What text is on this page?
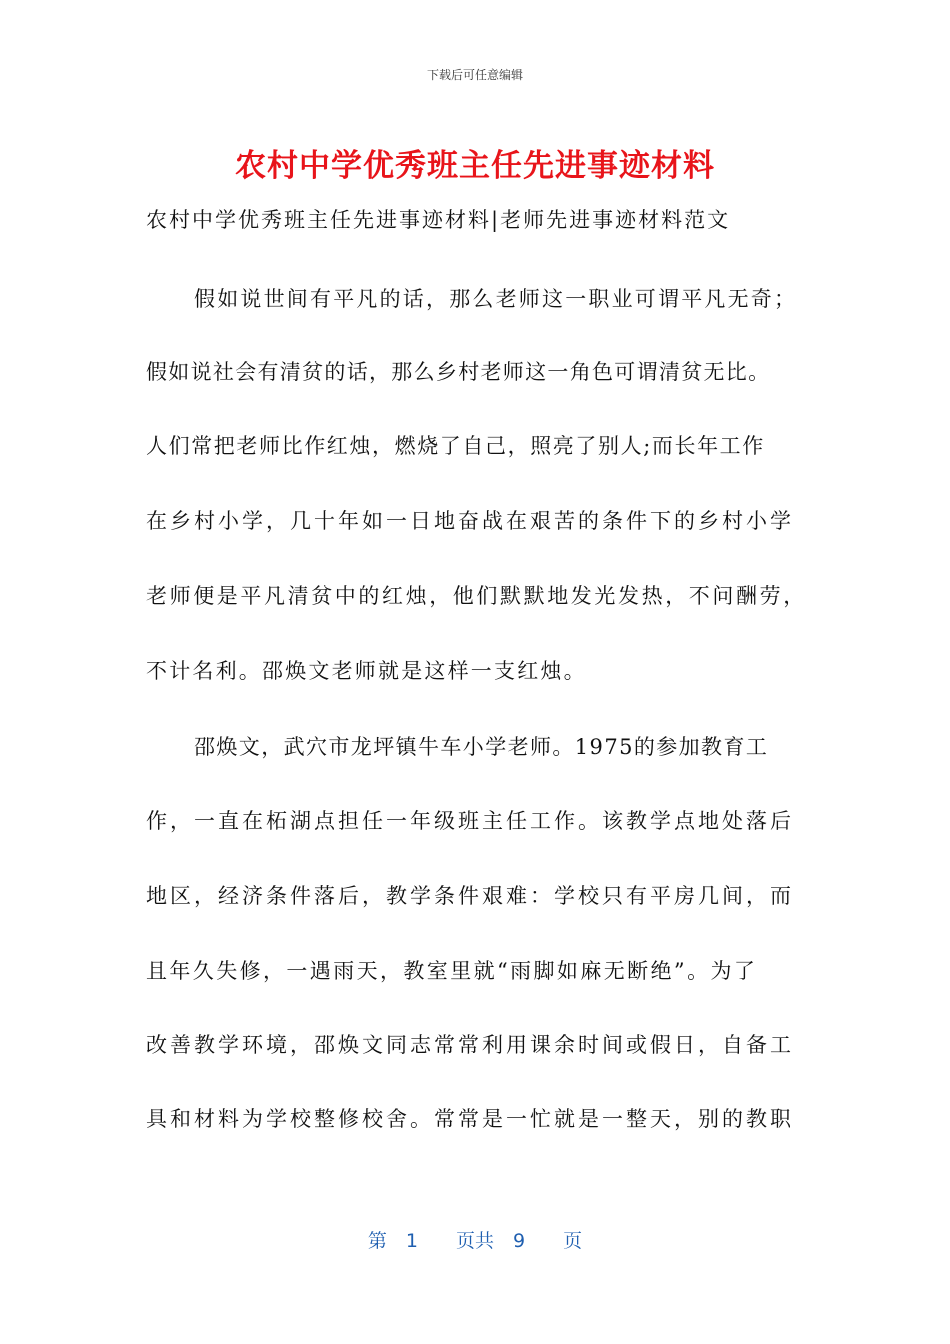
下载后可任意编辑
农村中学优秀班主任先进事迹材料
农村中学优秀班主任先进事迹材料|老师先进事迹材料范文
假如说世间有平凡的话，那么老师这一职业可谓平凡无奇；
假如说社会有清贫的话，那么乡村老师这一角色可谓清贫无比。
人们常把老师比作红烛，燃烧了自己，照亮了别人;而长年工作
在乡村小学，几十年如一日地奋战在艰苦的条件下的乡村小学
老师便是平凡清贫中的红烛，他们默默地发光发热，不问酬劳，
不计名利。邵焕文老师就是这样一支红烛。
邵焕文，武穴市龙坪镇牛车小学老师。1975的参加教育工
作，一直在柘湖点担任一年级班主任工作。该教学点地处落后
地区，经济条件落后，教学条件艰难：学校只有平房几间，而
且年久失修，一遇雨天，教室里就“雨脚如麻无断绝”。为了
改善教学环境，邵焕文同志常常利用课余时间或假日，自备工
具和材料为学校整修校舍。常常是一忙就是一整天，别的教职
第　1　　页共　9　　页
